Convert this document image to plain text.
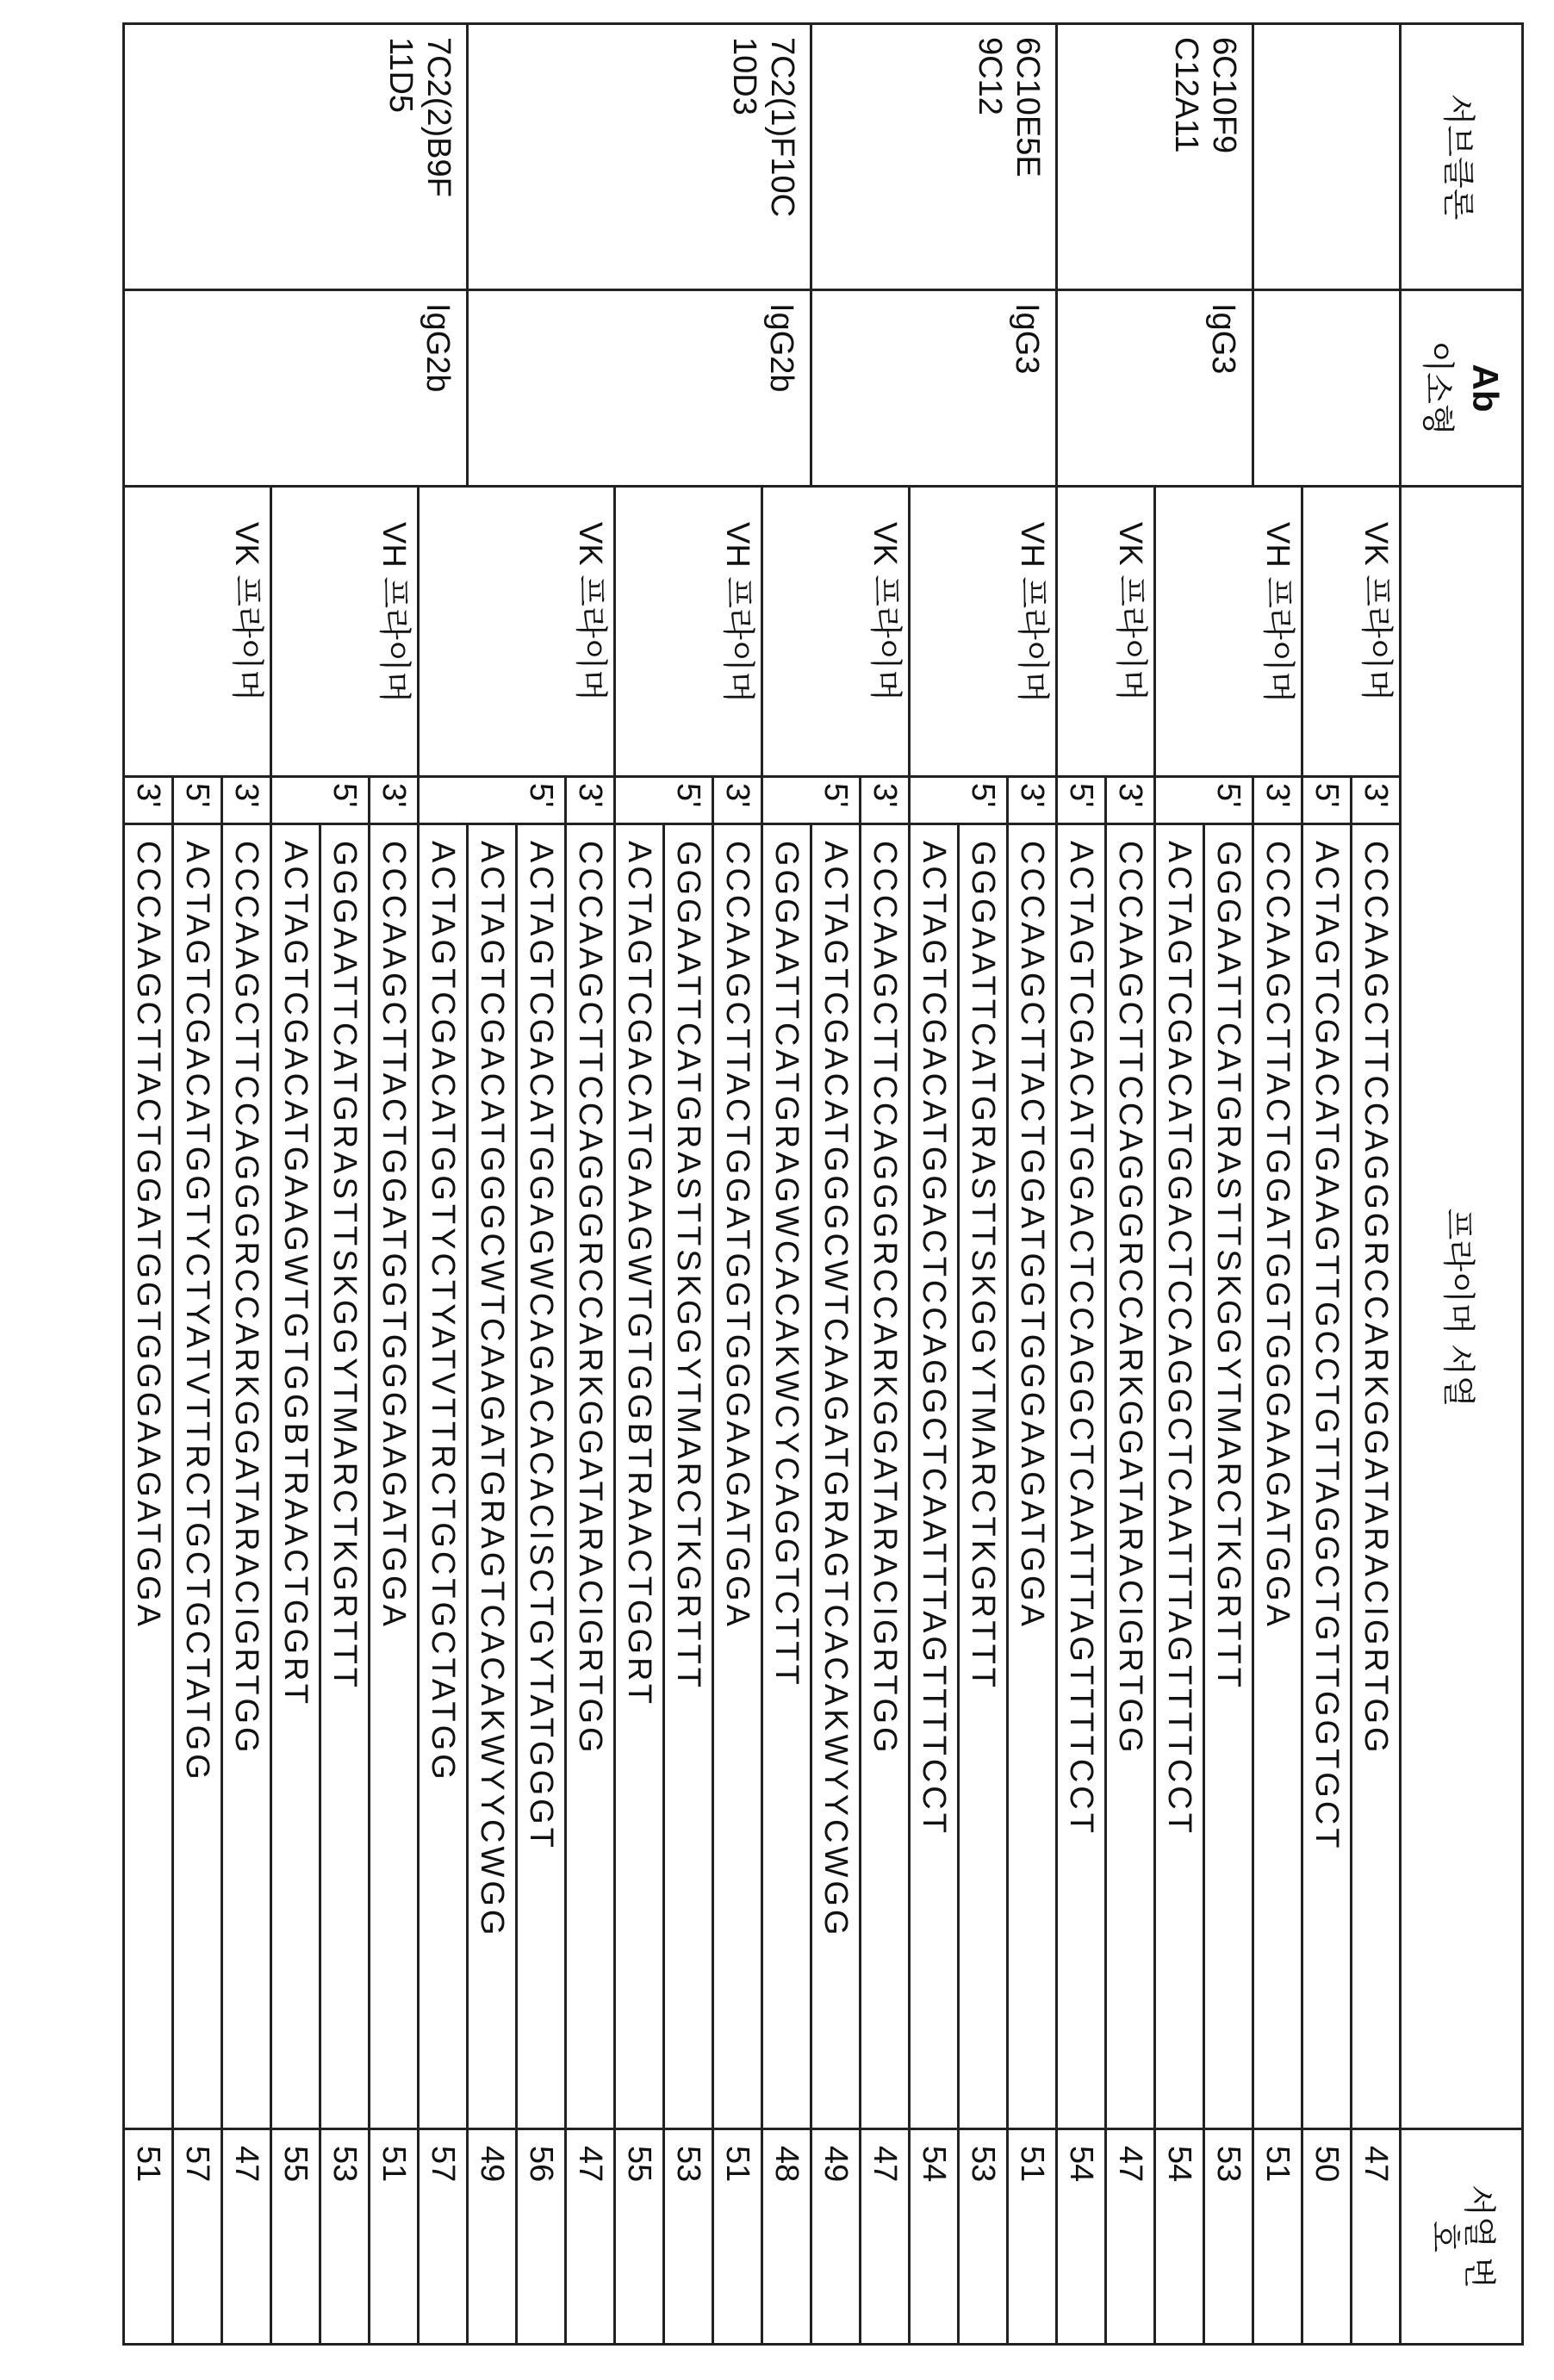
서브클론	Ab
이소형	프라이머 서열	서열 번호
		VK 프라이머	3'	CCCAAGCTTCCAGGGRCCARKGGATARACIGRTGG	47
5'	ACTAGTCGACATGAAGTTGCCTGTTAGGCTGTTGGTGCT	50
VH 프라이머	3'	CCCAAGCTTACTGGATGGTGGGAAGATGGA	51
6C10F9
C12A11	IgG3	5'	GGGAATTCATGRASTTSKGGYTMARCTKGRTTT	53
ACTAGTCGACATGGACTCCAGGCTCAATTTAGTTTTCCT	54
VK 프라이머	3'	CCCAAGCTTCCAGGGRCCARKGGATARACIGRTGG	47
5'	ACTAGTCGACATGGACTCCAGGCTCAATTTAGTTTTCCT	54
6C10E5E
9C12	IgG3	VH 프라이머	3'	CCCAAGCTTACTGGATGGTGGGAAGATGGA	51
5'	GGGAATTCATGRASTTSKGGYTMARCTKGRTTT	53
ACTAGTCGACATGGACTCCAGGCTCAATTTAGTTTTCCT	54
VK 프라이머	3'	CCCAAGCTTCCAGGGRCCARKGGATARACIGRTGG	47
5'	ACTAGTCGACATGGGCWTCAAGATGRAGTCACAKWYYCWGG	49
7C2(1)F10C
10D3	IgG2b	GGGAATTCATGRAGWCACAKWCYCAGGTCTTT	48
VH 프라이머	3'	CCCAAGCTTACTGGATGGTGGGAAGATGGA	51
5'	GGGAATTCATGRASTTSKGGYTMARCTKGRTTT	53
ACTAGTCGACATGAAGWTGTGGBTRAACTGGRT	55
VK 프라이머	3'	CCCAAGCTTCCAGGGRCCARKGGATARACIGRTGG	47
5'	ACTAGTCGACATGGAGWCAGACACACISCTGYTATGGGT	56
ACTAGTCGACATGGGCWTCAAGATGRAGTCACAKWYYCWGG	49
7C2(2)B9F
11D5	IgG2b	ACTAGTCGACATGGTYCTYATVTTRCTGCTGCTATGG	57
VH 프라이머	3'	CCCAAGCTTACTGGATGGTGGGAAGATGGA	51
5'	GGGAATTCATGRASTTSKGGYTMARCTKGRTTT	53
ACTAGTCGACATGAAGWTGTGGBTRAACTGGRT	55
VK 프라이머	3'	CCCAAGCTTCCAGGGRCCARKGGATARACIGRTGG	47
5'	ACTAGTCGACATGGTYCTYATVTTRCTGCTGCTATGG	57
3'	CCCAAGCTTACTGGATGGTGGGAAGATGGA	51
